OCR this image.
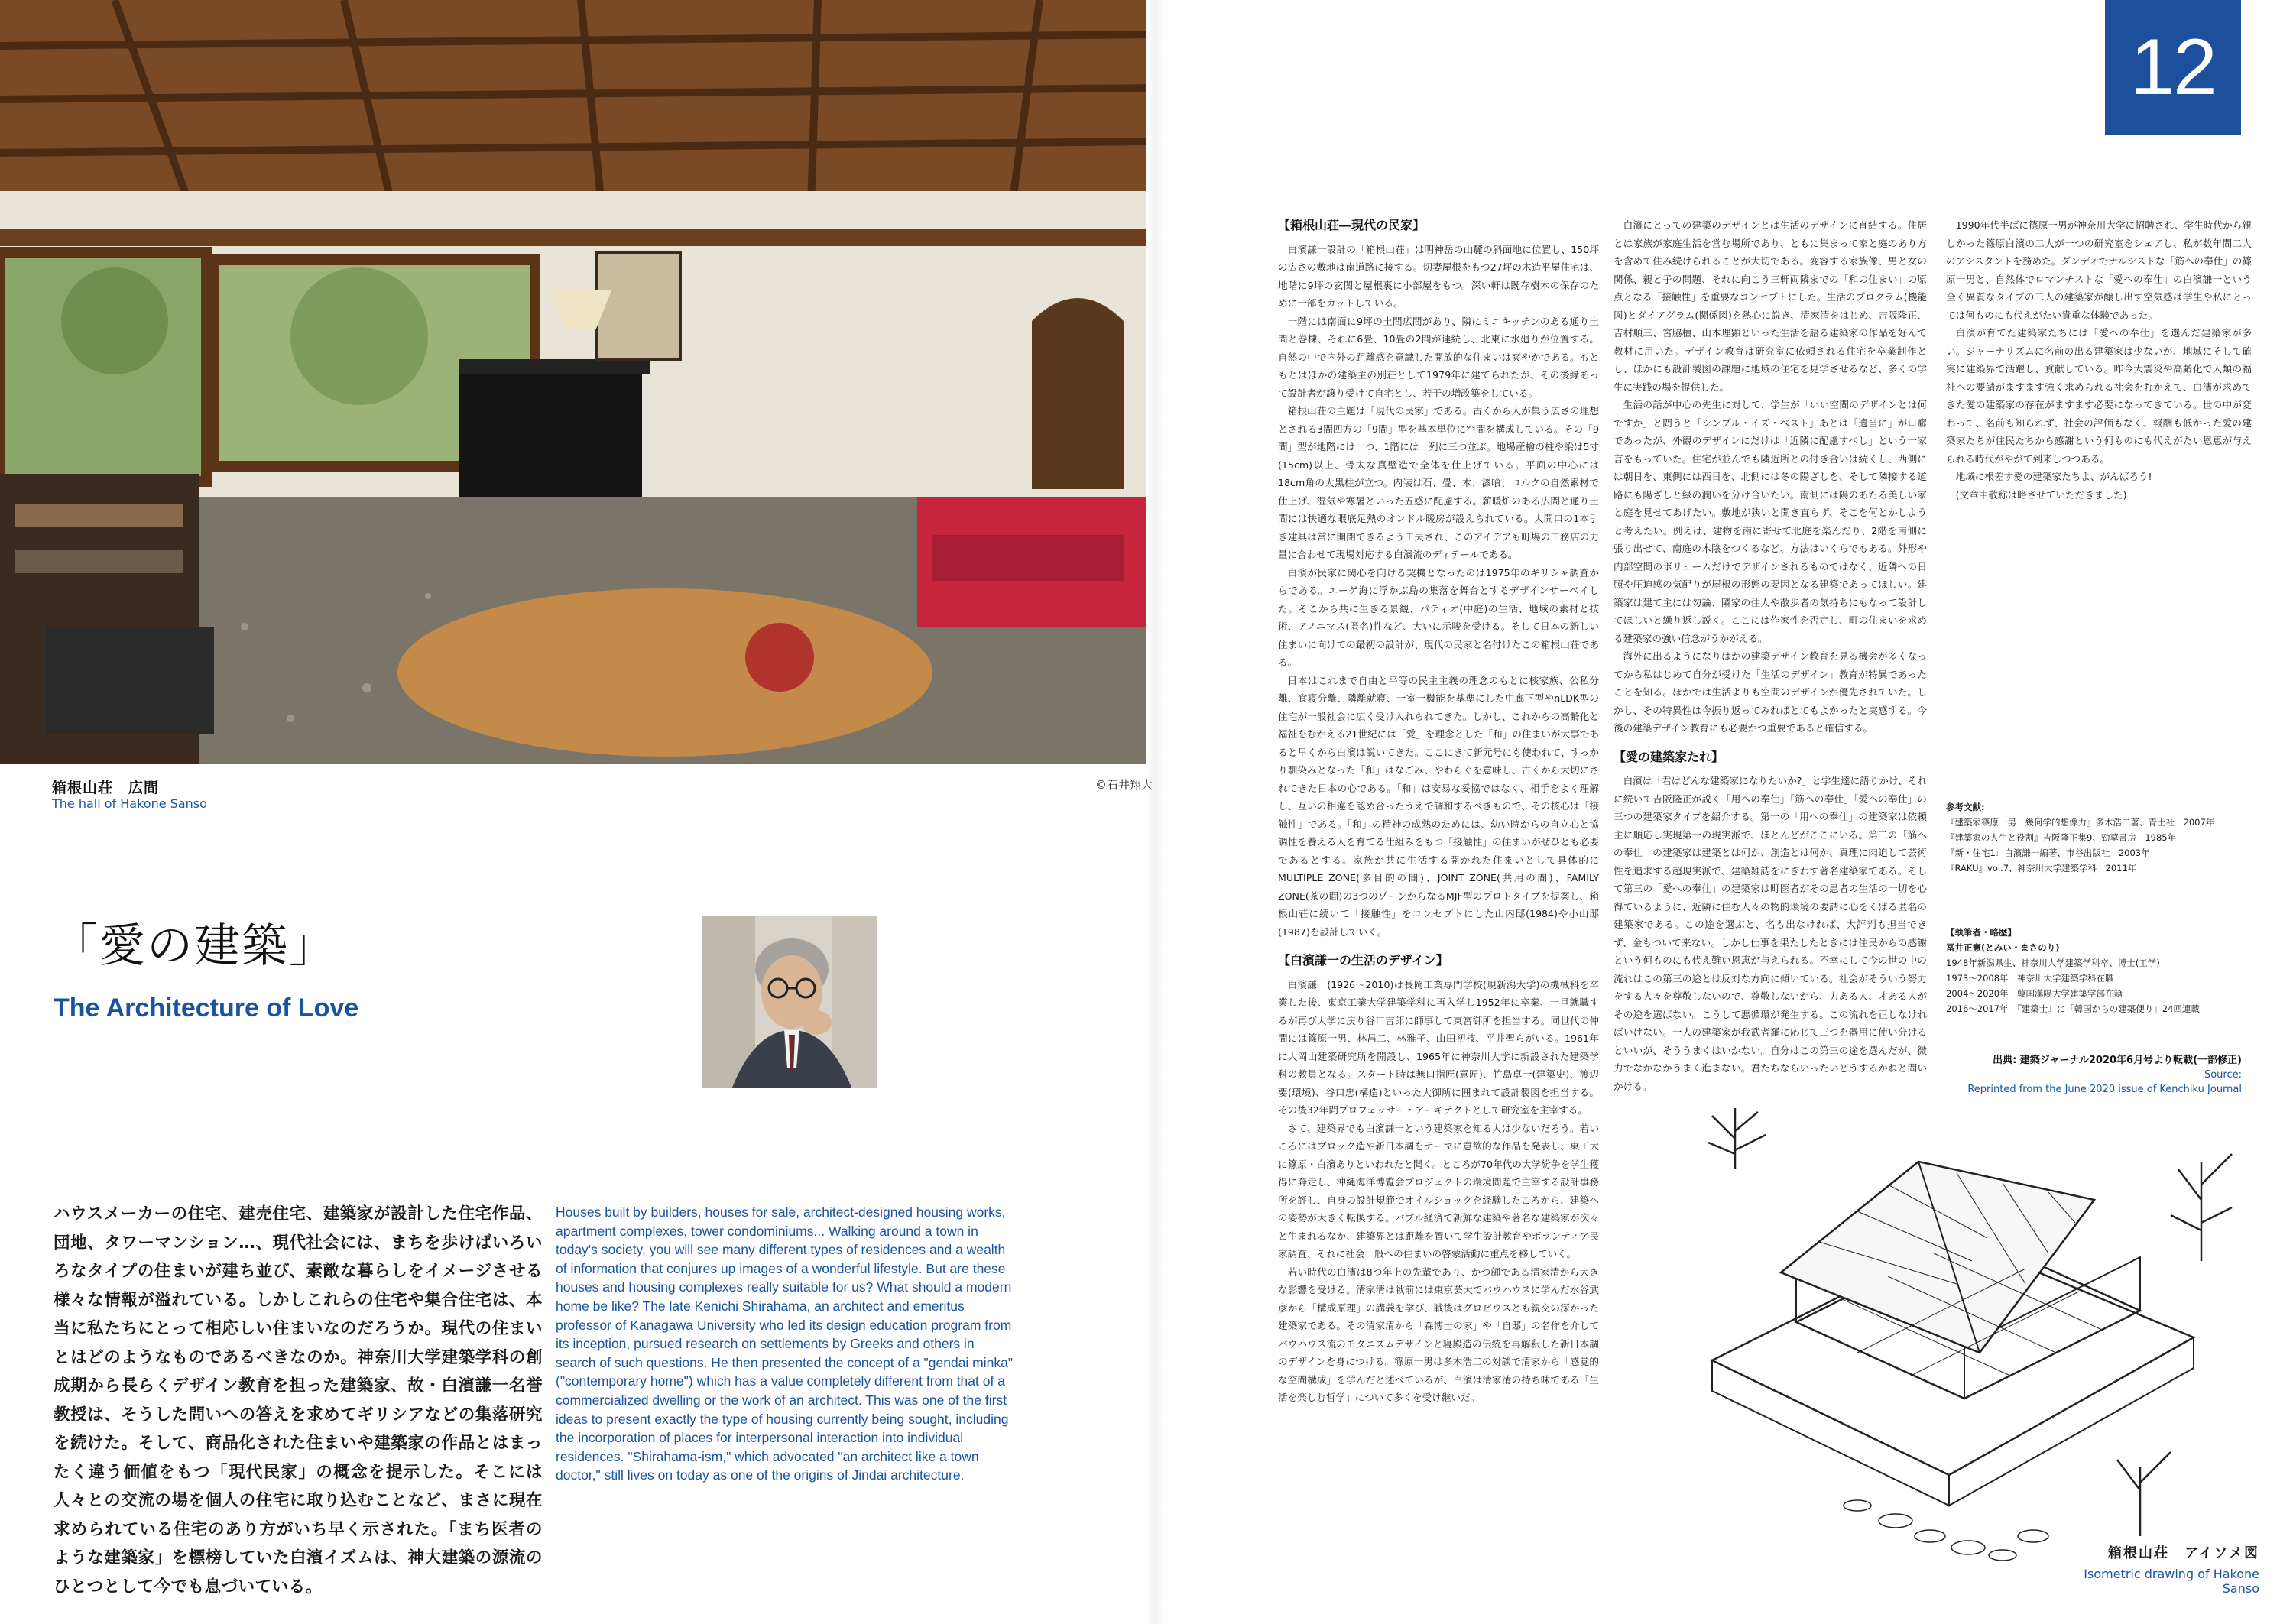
箱根山荘　広間
The hall of Hakone Sanso
©石井翔大
「愛の建築」
The Architecture of Love
ハウスメーカーの住宅、建売住宅、建築家が設計した住宅作品、団地、タワーマンション…、現代社会には、まちを歩けばいろいろなタイプの住まいが建ち並び、素敵な暮らしをイメージさせる様々な情報が溢れている。しかしこれらの住宅や集合住宅は、本当に私たちにとって相応しい住まいなのだろうか。現代の住まいとはどのようなものであるべきなのか。神奈川大学建築学科の創成期から長らくデザイン教育を担った建築家、故・白濱謙一名誉教授は、そうした問いへの答えを求めてギリシアなどの集落研究を続けた。そして、商品化された住まいや建築家の作品とはまったく違う価値をもつ「現代民家」の概念を提示した。そこには人々との交流の場を個人の住宅に取り込むことなど、まさに現在求められている住宅のあり方がいち早く示された。「まち医者のような建築家」を標榜していた白濱イズムは、神大建築の源流のひとつとして今でも息づいている。
Houses built by builders, houses for sale, architect-designed housing works, apartment complexes, tower condominiums... Walking around a town in today's society, you will see many different types of residences and a wealth of information that conjures up images of a wonderful lifestyle. But are these houses and housing complexes really suitable for us? What should a modern home be like? The late Kenichi Shirahama, an architect and emeritus professor of Kanagawa University who led its design education program from its inception, pursued research on settlements by Greeks and others in search of such questions. He then presented the concept of a "gendai minka" ("contemporary home") which has a value completely different from that of a commercialized dwelling or the work of an architect. This was one of the first ideas to present exactly the type of housing currently being sought, including the incorporation of places for interpersonal interaction into individual residences. "Shirahama-ism," which advocated "an architect like a town doctor," still lives on today as one of the origins of Jindai architecture.
12
【箱根山荘―現代の民家】

白濱謙一設計の「箱根山荘」は明神岳の山麓の斜面地に位置し、150坪の広さの敷地は南道路に接する。切妻屋根をもつ27坪の木造平屋住宅は、地階に9坪の玄関と屋根裏に小部屋をもつ。深い軒は既存樹木の保存のために一部をカットしている。

一階には南面に9坪の土間広間があり、隣にミニキッチンのある通り土間と巻棟、それに6畳、10畳の2間が連続し、北東に水廻りが位置する。自然の中で内外の距離感を意識した開放的な住まいは爽やかである。もともとはほかの建築主の別荘として1979年に建てられたが、その後縁あって設計者が譲り受けて自宅とし、若干の増改築をしている。

箱根山荘の主題は「現代の民家」である。古くから人が集う広さの理想とされる3間四方の「9間」型を基本単位に空間を構成している。その「9間」型が地階には一つ、1階には一列に三つ並ぶ。地場産檜の柱や梁は5寸(15cm)以上、骨太な真壁造で全体を仕上げている。平面の中心には18cm角の大黒柱が立つ。内装は石、畳、木、漆喰、コルクの自然素材で仕上げ、湿気や寒暑といった五感に配慮する。薪暖炉のある広間と通り土間には快適な眼底足熱のオンドル暖房が設えられている。大開口の1本引き建具は常に開閉できるよう工夫され、このアイデアも町場の工務店の力量に合わせて現場対応する白濱流のディテールである。

白濱が民家に関心を向ける契機となったのは1975年のギリシャ調査からである。エーゲ海に浮かぶ島の集落を舞台とするデザインサーベイした。そこから共に生きる景観、パティオ(中庭)の生活、地域の素材と技術、アノニマス(匿名)性など、大いに示唆を受ける。そして日本の新しい住まいに向けての最初の設計が、現代の民家と名付けたこの箱根山荘である。

日本はこれまで自由と平等の民主主義の理念のもとに核家族、公私分離、食寝分離、隣離就寝、一室一機能を基準にした中廊下型やnLDK型の住宅が一般社会に広く受け入れられてきた。しかし、これからの高齢化と福祉をむかえる21世紀には「愛」を理念とした「和」の住まいが大事であると早くから白濱は説いてきた。ここにきて新元号にも使われて、すっかり馴染みとなった「和」はなごみ、やわらぐを意味し、古くから大切にされてきた日本の心である。「和」は安易な妥協ではなく、相手をよく理解し、互いの相違を認め合ったうえで調和するべきもので、その核心は「接触性」である。「和」の精神の成熟のためには、幼い時からの自立心と協調性を養える人を育てる仕組みをもつ「接触性」の住まいがぜひとも必要であるとする。家族が共に生活する開かれた住まいとして具体的にMULTIPLE ZONE(多目的の間)、JOINT ZONE(共用の間)、FAMILY ZONE(茶の間)の3つのゾーンからなるMJF型のプロトタイプを提案し、箱根山荘に続いて「接触性」をコンセプトにした山内邸(1984)や小山邸(1987)を設計していく。

【白濱謙一の生活のデザイン】

白濱謙一(1926～2010)は長岡工業専門学校(現新潟大学)の機械科を卒業した後、東京工業大学建築学科に再入学し1952年に卒業、一旦就職するが再び大学に戻り谷口吉郎に師事して東宮御所を担当する。同世代の仲間には篠原一男、林昌二、林雅子、山田初枝、平井聖らがいる。1961年に大岡山建築研究所を開設し、1965年に神奈川大学に新設された建築学科の教員となる。スタート時は無口指匠(意匠)、竹島卓一(建築史)、渡辺要(環境)、谷口忠(構造)といった大御所に囲まれて設計製図を担当する。その後32年間プロフェッサー・アーキテクトとして研究室を主宰する。

さて、建築界でも白濱謙一という建築家を知る人は少ないだろう。若いころにはブロック造や新日本調をテーマに意欲的な作品を発表し、東工大に篠原・白濱ありといわれたと聞く。ところが70年代の大学紛争を学生獲得に奔走し、沖縄海洋博覧会プロジェクトの環境問題で主宰する設計事務所を評し、自身の設計規範でオイルショックを経験したころから、建築への姿勢が大きく転換する。バブル経済で新鮮な建築や著名な建築家が次々と生まれるなか、建築界とは距離を置いて学生設計教育やボランティア民家調査、それに社会一般への住まいの啓蒙活動に重点を移していく。

若い時代の白濱は8つ年上の先輩であり、かつ師である清家清から大きな影響を受ける。清家清は戦前には東京芸大でバウハウスに学んだ水谷武彦から「構成原理」の講義を学び、戦後はグロピウスとも親交の深かった建築家である。その清家清から「森博士の家」や「自邸」の名作を介してバウハウス流のモダニズムデザインと寝殿造の伝統を再解釈した新日本調のデザインを身につける。篠原一男は多木浩二の対談で清家から「感覚的な空間構成」を学んだと述べているが、白濱は清家清の持ち味である「生活を楽しむ哲学」について多くを受け継いだ。

白濱にとっての建築のデザインとは生活のデザインに直結する。住居とは家族が家庭生活を営む場所であり、ともに集まって家と庭のあり方を含めて住み続けられることが大切である。変容する家族像、男と女の関係、親と子の問題、それに向こう三軒両隣までの「和の住まい」の原点となる「接触性」を重要なコンセプトにした。生活のプログラム(機能図)とダイアグラム(関係図)を熱心に説き、清家清をはじめ、吉阪隆正、吉村順三、宮脇檀、山本理顕といった生活を語る建築家の作品を好んで教材に用いた。デザイン教育は研究室に依頼される住宅を卒業制作とし、ほかにも設計製図の課題に地域の住宅を見学させるなど、多くの学生に実践の場を提供した。

生活の話が中心の先生に対して、学生が「いい空間のデザインとは何ですか」と問うと「シンプル・イズ・ベスト」あとは「適当に」が口癖であったが、外観のデザインにだけは「近隣に配慮すべし」という一家言をもっていた。住宅が並んでも隣近所との付き合いは続くし、西側には朝日を、東側には西日を、北側には冬の陽ざしを、そして隣接する道路にも陽ざしと緑の潤いを分け合いたい。南側には陽のあたる美しい家と庭を見せてあげたい。敷地が狭いと開き直らず、そこを何とかしようと考えたい。例えば、建物を南に寄せて北庭を楽んだり、2階を南側に張り出せて、南庭の木陰をつくるなど、方法はいくらでもある。外形や内部空間のボリュームだけでデザインされるものではなく、近隣への日照や圧迫感の気配りが屋根の形態の要因となる建築であってほしい。建築家は建て主には勿論、隣家の住人や散歩者の気持ちにもなって設計してほしいと繰り返し説く。ここには作家性を否定し、町の住まいを求める建築家の強い信念がうかがえる。

海外に出るようになりはかの建築デザイン教育を見る機会が多くなってから私はじめて自分が受けた「生活のデザイン」教育が特異であったことを知る。ほかでは生活よりも空間のデザインが優先されていた。しかし、その特異性は今振り返ってみればとてもよかったと実感する。今後の建築デザイン教育にも必要かつ重要であると確信する。

【愛の建築家たれ】

白濱は「君はどんな建築家になりたいか?」と学生達に語りかけ、それに続いて吉阪隆正が説く「用への奉仕」「筋への奉仕」「愛への奉仕」の三つの建築家タイプを紹介する。第一の「用への奉仕」の建築家は依頼主に順応し実現第一の現実派で、ほとんどがここにいる。第二の「筋への奉仕」の建築家は建築とは何か、創造とは何か、真理に肉迫して芸術性を追求する超現実派で、建築雑誌をにぎわす著名建築家である。そして第三の「愛への奉仕」の建築家は町医者がその患者の生活の一切を心得ているように、近隣に住む人々の物的環境の要請に心をくばる匿名の建築家である。この途を選ぶと、名も出なければ、大評判も担当できず、金もついて来ない。しかし仕事を果たしたときには住民からの感謝という何ものにも代え難い恩恵が与えられる。不幸にして今の世の中の流れはこの第三の途とは反対な方向に傾いている。社会がそういう努力をする人々を尊敬しないので、尊敬しないから、力ある人、才ある人がその途を選ばない。こうして悪循環が発生する。この流れを正しなければいけない。一人の建築家が我武者羅に応じて三つを器用に使い分けるといいが、そううまくはいかない。自分はこの第三の途を選んだが、微力でなかなかうまく進まない。君たちならいったいどうするかねと問いかける。

1990年代半ばに篠原一男が神奈川大学に招聘され、学生時代から親しかった篠原白濱の二人が一つの研究室をシェアし、私が数年間二人のアシスタントを務めた。ダンディでナルシストな「筋への奉仕」の篠原一男と、自然体でロマンチストな「愛への奉仕」の白濱謙一という全く異質なタイプの二人の建築家が醸し出す空気感は学生や私にとっては何ものにも代えがたい貴重な体験であった。

白濱が育てた建築家たちには「愛への奉仕」を選んだ建築家が多い。ジャーナリズムに名前の出る建築家は少ないが、地域にそして確実に建築界で活躍し、貢献している。昨今大震災や高齢化で人類の福祉への要請がますます強く求められる社会をむかえて、白濱が求めてきた愛の建築家の存在がますます必要になってきている。世の中が変わって、名前も知られず、社会の評価もなく、報酬も低かった愛の建築家たちが住民たちから感謝という何ものにも代えがたい恩恵が与えられる時代がやがて到来しつつある。

地域に根差す愛の建築家たちよ、がんばろう!

(文章中敬称は略させていただきました)

参考文献:
『建築家篠原一男　幾何学的想像力』多木浩二著、青土社　2007年
『建築家の人生と役割』吉阪隆正集9、勁草書房　1985年
『新・住宅1』白濱謙一編著、市谷出版社　2003年
『RAKU』vol.7、神奈川大学建築学科　2011年
【執筆者・略歴】
冨井正憲(とみい・まさのり)
1948年新潟県生、神奈川大学建築学科卒、博士(工学)
1973～2008年　神奈川大学建築学科在職
2004～2020年　韓国漢陽大学建築学部在籍
2016～2017年　『建築士』に「韓国からの建築便り」24回連載
出典: 建築ジャーナル2020年6月号より転載(一部修正)
Source:
Reprinted from the June 2020 issue of Kenchiku Journal
箱根山荘　アイソメ図
Isometric drawing of Hakone Sanso
